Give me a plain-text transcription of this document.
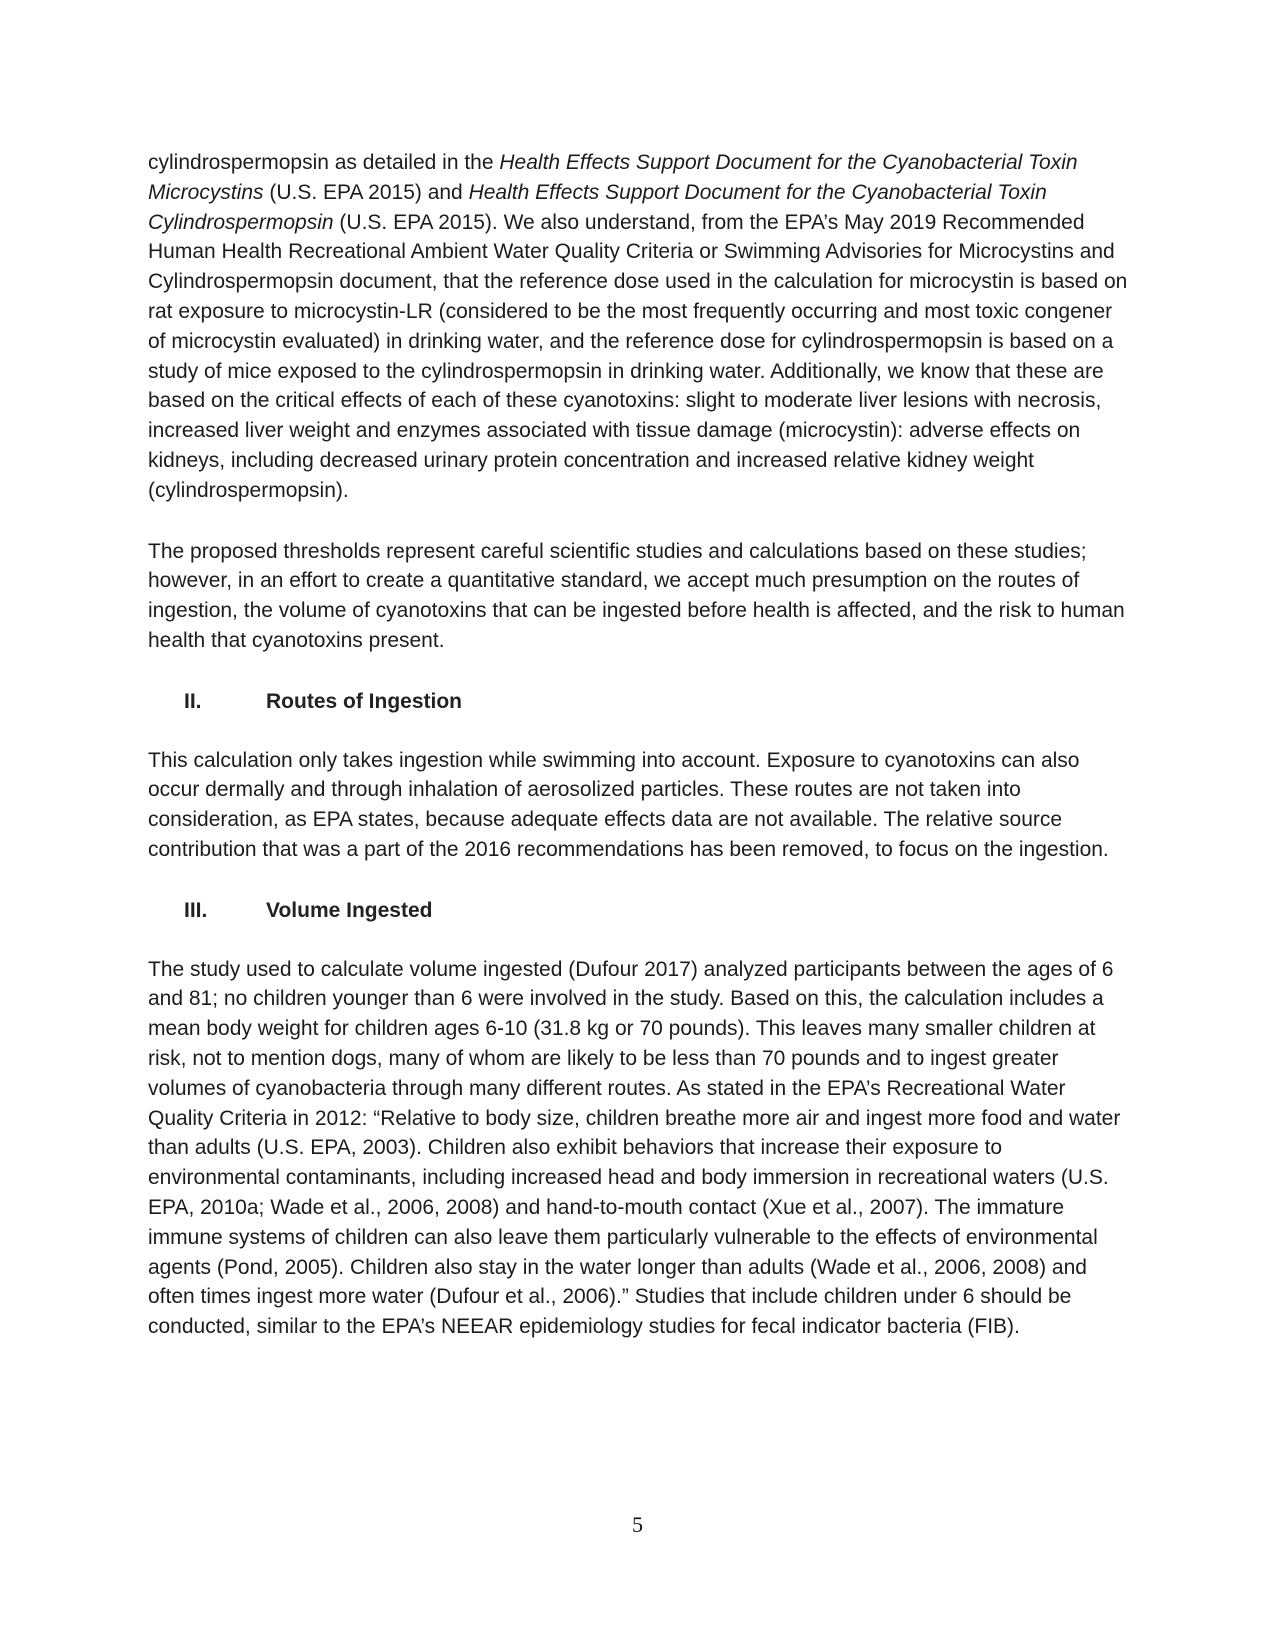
cylindrospermopsin as detailed in the Health Effects Support Document for the Cyanobacterial Toxin Microcystins (U.S. EPA 2015) and Health Effects Support Document for the Cyanobacterial Toxin Cylindrospermopsin (U.S. EPA 2015). We also understand, from the EPA’s May 2019 Recommended Human Health Recreational Ambient Water Quality Criteria or Swimming Advisories for Microcystins and Cylindrospermopsin document, that the reference dose used in the calculation for microcystin is based on rat exposure to microcystin-LR (considered to be the most frequently occurring and most toxic congener of microcystin evaluated) in drinking water, and the reference dose for cylindrospermopsin is based on a study of mice exposed to the cylindrospermopsin in drinking water. Additionally, we know that these are based on the critical effects of each of these cyanotoxins: slight to moderate liver lesions with necrosis, increased liver weight and enzymes associated with tissue damage (microcystin): adverse effects on kidneys, including decreased urinary protein concentration and increased relative kidney weight (cylindrospermopsin).

The proposed thresholds represent careful scientific studies and calculations based on these studies; however, in an effort to create a quantitative standard, we accept much presumption on the routes of ingestion, the volume of cyanotoxins that can be ingested before health is affected, and the risk to human health that cyanotoxins present.

II.	Routes of Ingestion

This calculation only takes ingestion while swimming into account. Exposure to cyanotoxins can also occur dermally and through inhalation of aerosolized particles. These routes are not taken into consideration, as EPA states, because adequate effects data are not available. The relative source contribution that was a part of the 2016 recommendations has been removed, to focus on the ingestion.

III.	Volume Ingested

The study used to calculate volume ingested (Dufour 2017) analyzed participants between the ages of 6 and 81; no children younger than 6 were involved in the study. Based on this, the calculation includes a mean body weight for children ages 6-10 (31.8 kg or 70 pounds). This leaves many smaller children at risk, not to mention dogs, many of whom are likely to be less than 70 pounds and to ingest greater volumes of cyanobacteria through many different routes. As stated in the EPA’s Recreational Water Quality Criteria in 2012: “Relative to body size, children breathe more air and ingest more food and water than adults (U.S. EPA, 2003). Children also exhibit behaviors that increase their exposure to environmental contaminants, including increased head and body immersion in recreational waters (U.S. EPA, 2010a; Wade et al., 2006, 2008) and hand-to-mouth contact (Xue et al., 2007). The immature immune systems of children can also leave them particularly vulnerable to the effects of environmental agents (Pond, 2005). Children also stay in the water longer than adults (Wade et al., 2006, 2008) and often times ingest more water (Dufour et al., 2006).” Studies that include children under 6 should be conducted, similar to the EPA’s NEEAR epidemiology studies for fecal indicator bacteria (FIB).

5
